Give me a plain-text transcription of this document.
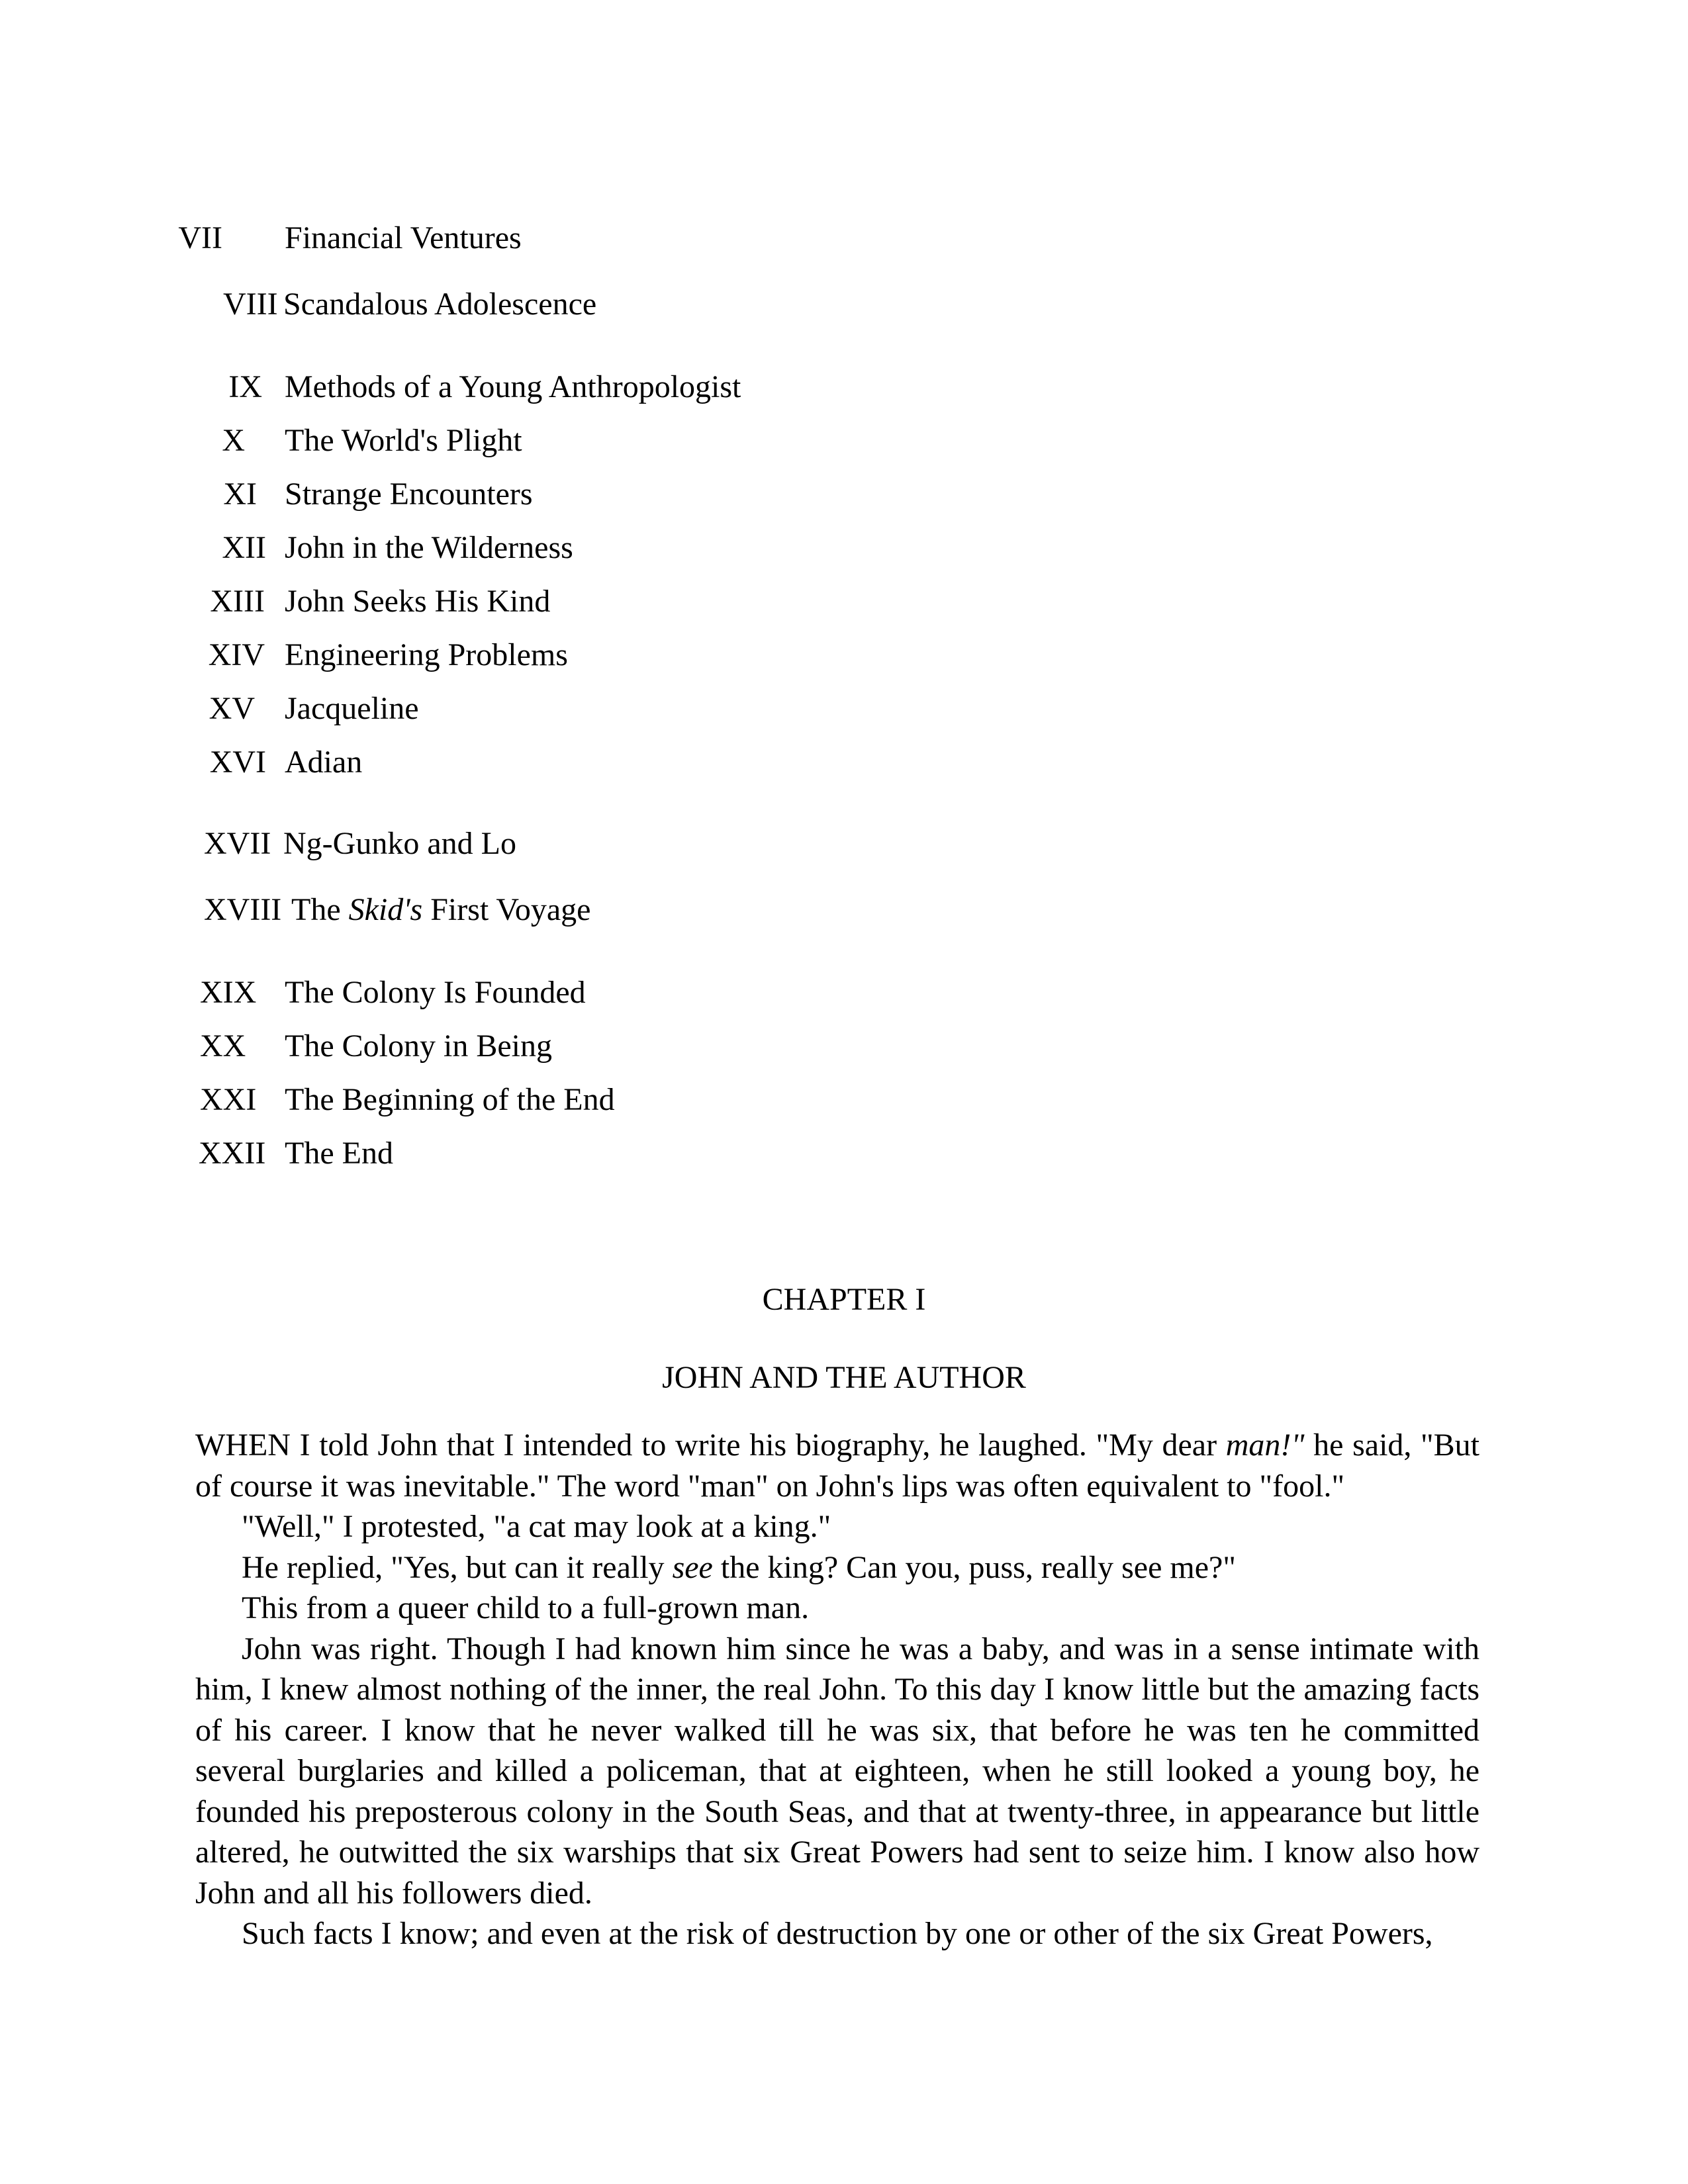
VII Financial Ventures
VIII Scandalous Adolescence
IX Methods of a Young Anthropologist
X The World's Plight
XI Strange Encounters
XII John in the Wilderness
XIII John Seeks His Kind
XIV Engineering Problems
XV Jacqueline
XVI Adian
XVII Ng-Gunko and Lo
XVIII The Skid's First Voyage
XIX The Colony Is Founded
XX The Colony in Being
XXI The Beginning of the End
XXII The End
CHAPTER I
JOHN AND THE AUTHOR

WHEN I told John that I intended to write his biography, he laughed. "My dear man!" he said, "But of course it was inevitable." The word "man" on John's lips was often equivalent to "fool."

"Well," I protested, "a cat may look at a king."

He replied, "Yes, but can it really see the king? Can you, puss, really see me?"

This from a queer child to a full-grown man.

John was right. Though I had known him since he was a baby, and was in a sense intimate with him, I knew almost nothing of the inner, the real John. To this day I know little but the amazing facts of his career. I know that he never walked till he was six, that before he was ten he committed several burglaries and killed a policeman, that at eighteen, when he still looked a young boy, he founded his preposterous colony in the South Seas, and that at twenty-three, in appearance but little altered, he outwitted the six warships that six Great Powers had sent to seize him. I know also how John and all his followers died.

Such facts I know; and even at the risk of destruction by one or other of the six Great Powers,
